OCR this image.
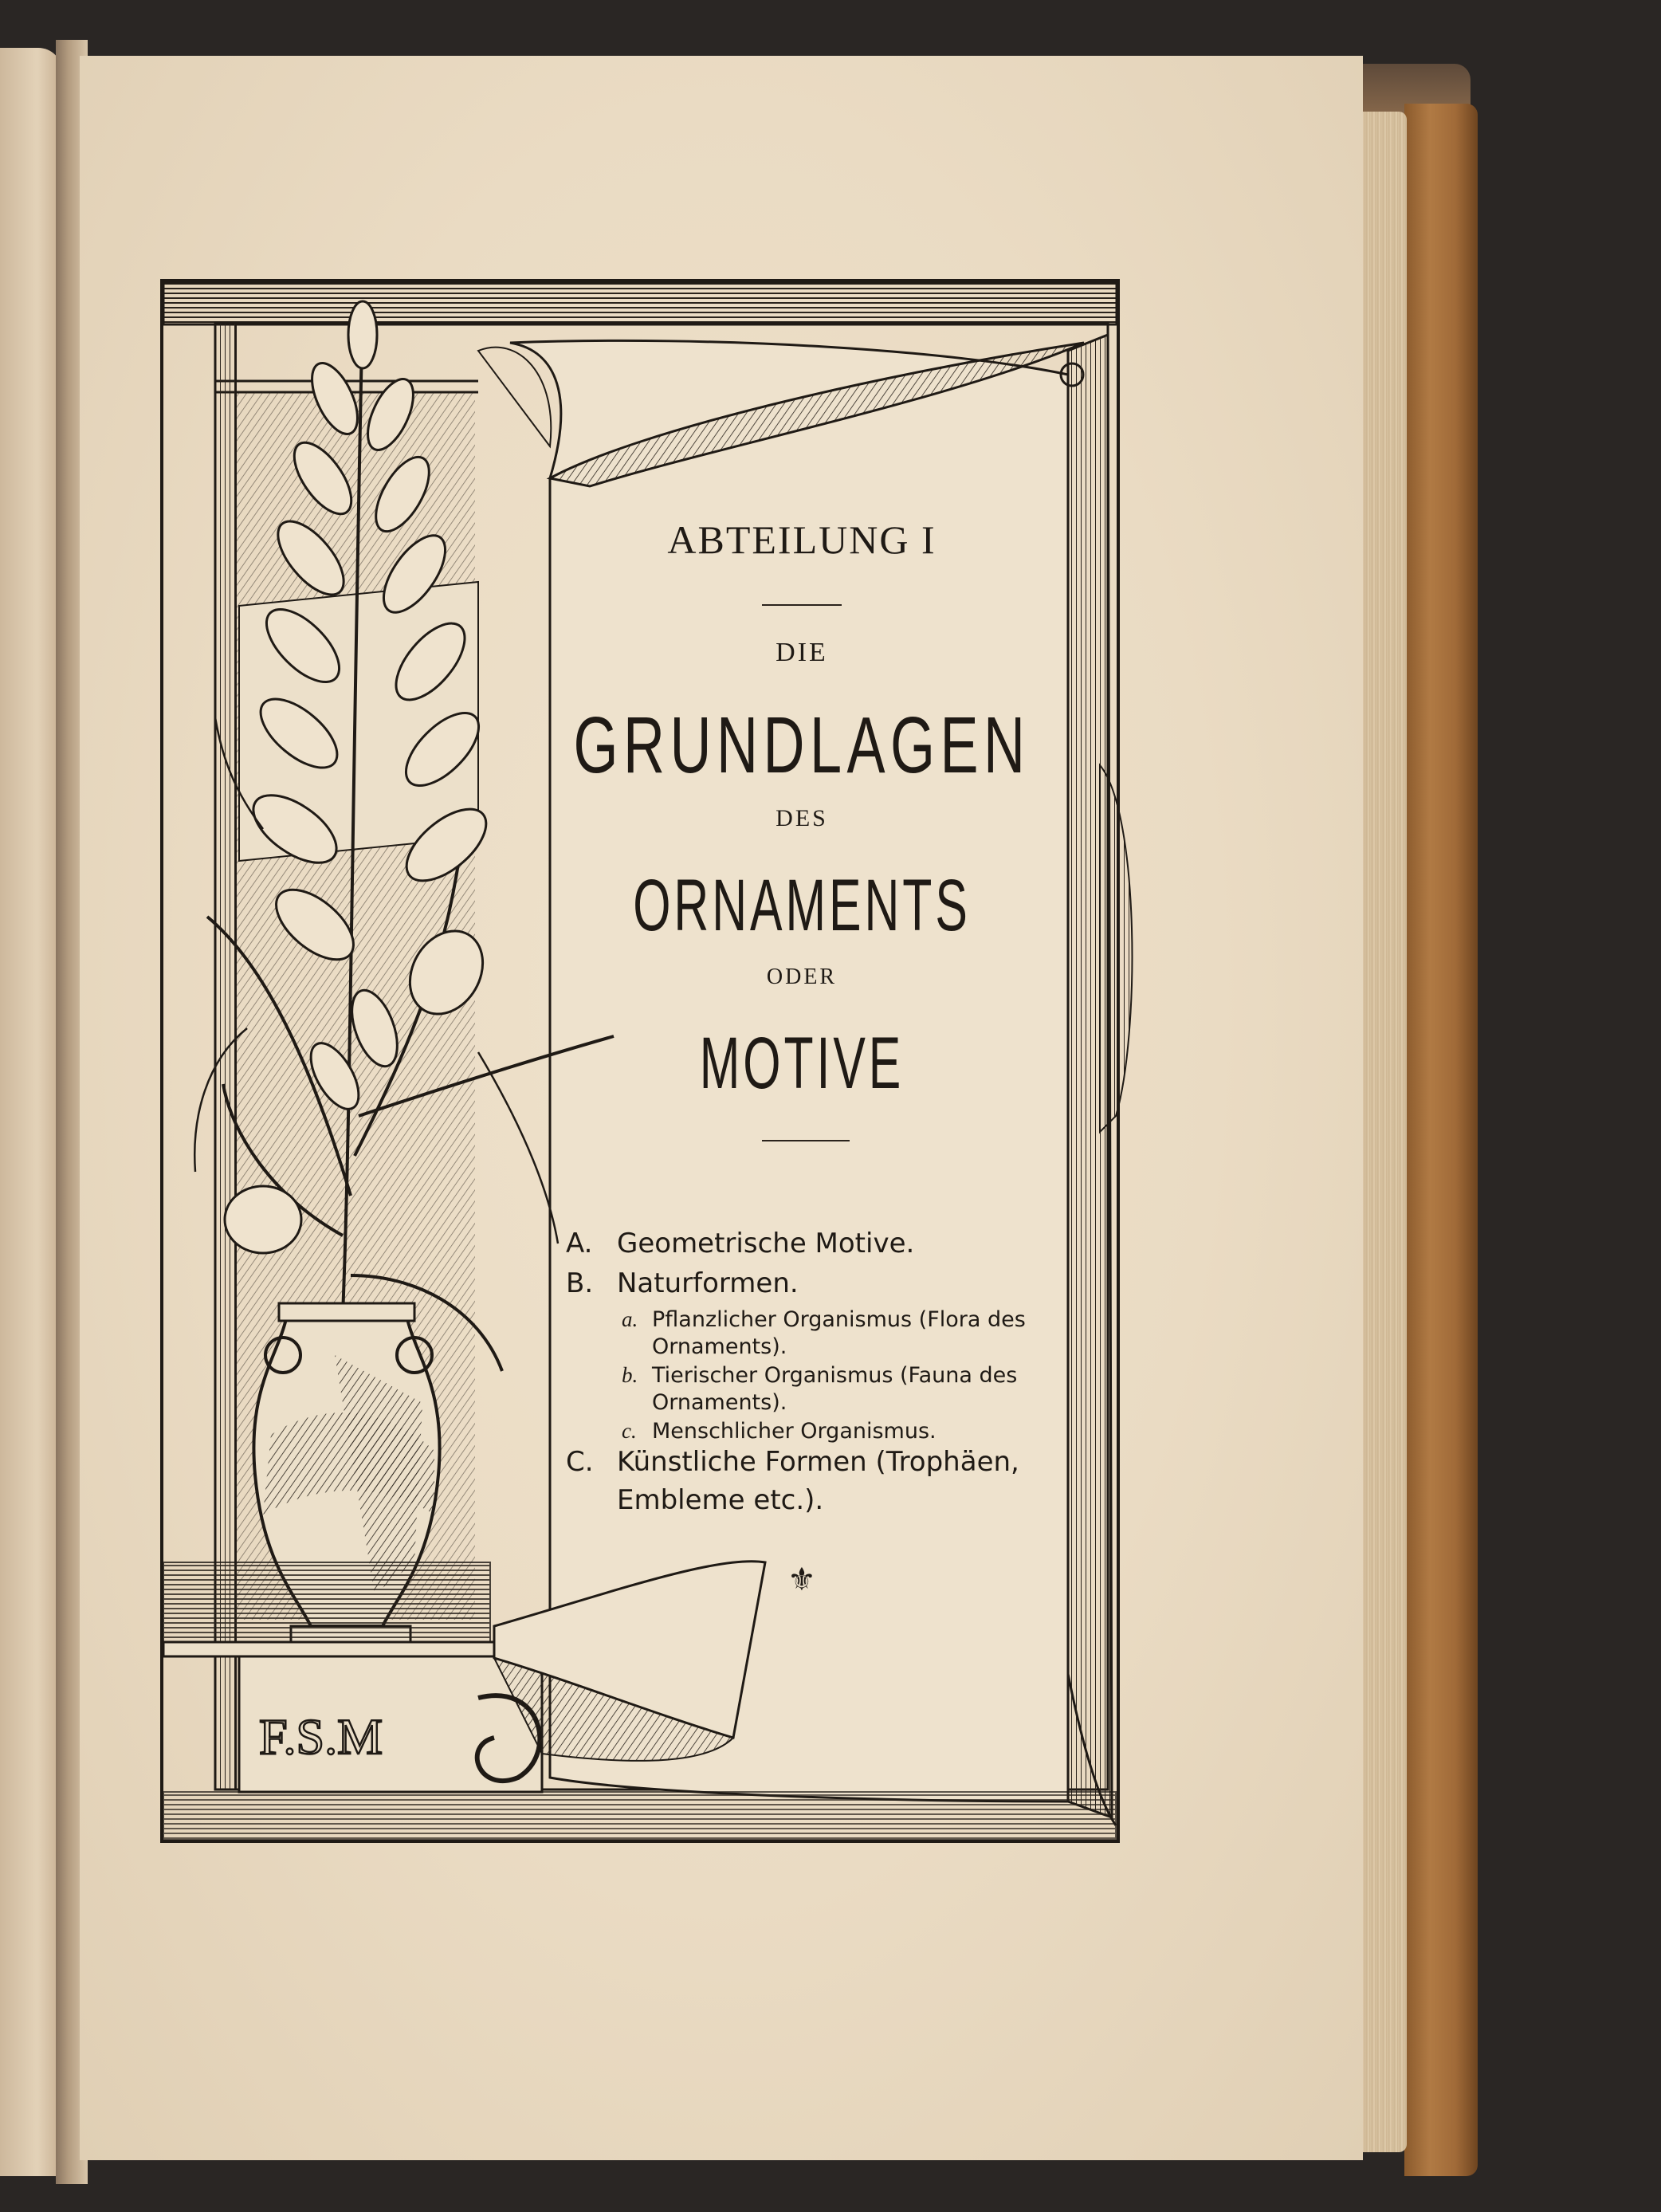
F.S.M
ABTEILUNG I
DIE
GRUNDLAGEN
DES
ORNAMENTS
ODER
MOTIVE
A. Geometrische Motive.
B. Naturformen.
a. Pflanzlicher Organismus (Flora des
Ornaments).
b. Tierischer Organismus (Fauna des
Ornaments).
c. Menschlicher Organismus.
C. Künstliche Formen (Trophäen,
Embleme etc.).
⚜
